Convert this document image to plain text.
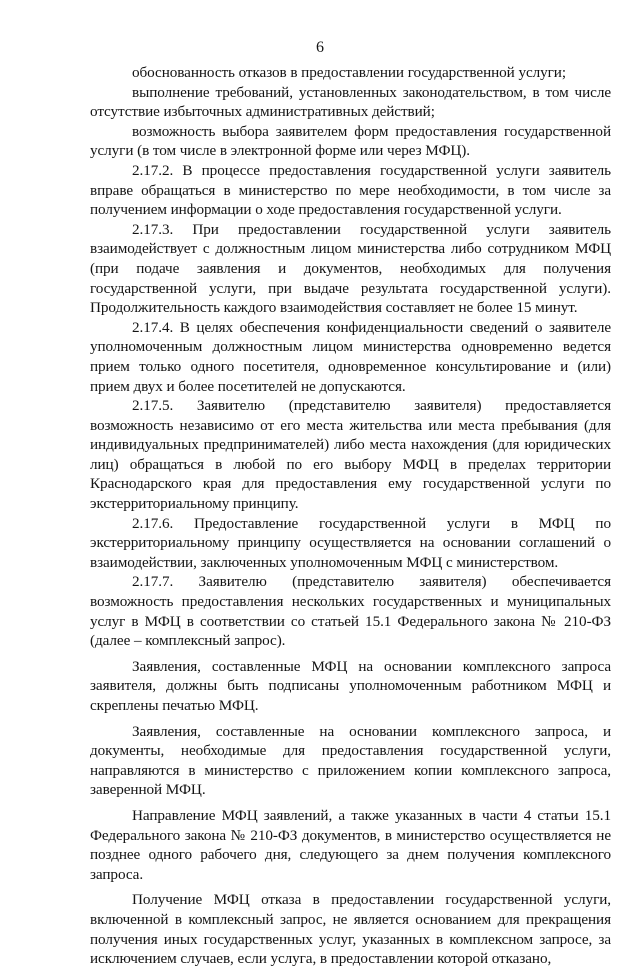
6

обоснованность отказов в предоставлении государственной услуги;

выполнение требований, установленных законодательством, в том числе отсутствие избыточных административных действий;

возможность выбора заявителем форм предоставления государственной услуги (в том числе в электронной форме или через МФЦ).

2.17.2. В процессе предоставления государственной услуги заявитель вправе обращаться в министерство по мере необходимости, в том числе за получением информации о ходе предоставления государственной услуги.

2.17.3. При предоставлении государственной услуги заявитель взаимодействует с должностным лицом министерства либо сотрудником МФЦ (при подаче заявления и документов, необходимых для получения государственной услуги, при выдаче результата государственной услуги). Продолжительность каждого взаимодействия составляет не более 15 минут.

2.17.4. В целях обеспечения конфиденциальности сведений о заявителе уполномоченным должностным лицом министерства одновременно ведется прием только одного посетителя, одновременное консультирование и (или) прием двух и более посетителей не допускаются.

2.17.5. Заявителю (представителю заявителя) предоставляется возможность независимо от его места жительства или места пребывания (для индивидуальных предпринимателей) либо места нахождения (для юридических лиц) обращаться в любой по его выбору МФЦ в пределах территории Краснодарского края для предоставления ему государственной услуги по экстерриториальному принципу.

2.17.6. Предоставление государственной услуги в МФЦ по экстерриториальному принципу осуществляется на основании соглашений о взаимодействии, заключенных уполномоченным МФЦ с министерством.

2.17.7. Заявителю (представителю заявителя) обеспечивается возможность предоставления нескольких государственных и муниципальных услуг в МФЦ в соответствии со статьей 15.1 Федерального закона № 210-ФЗ (далее – комплексный запрос).

Заявления, составленные МФЦ на основании комплексного запроса заявителя, должны быть подписаны уполномоченным работником МФЦ и скреплены печатью МФЦ.

Заявления, составленные на основании комплексного запроса, и документы, необходимые для предоставления государственной услуги, направляются в министерство с приложением копии комплексного запроса, заверенной МФЦ.

Направление МФЦ заявлений, а также указанных в части 4 статьи 15.1 Федерального закона № 210-ФЗ документов, в министерство осуществляется не позднее одного рабочего дня, следующего за днем получения комплексного запроса.

Получение МФЦ отказа в предоставлении государственной услуги, включенной в комплексный запрос, не является основанием для прекращения получения иных государственных услуг, указанных в комплексном запросе, за исключением случаев, если услуга, в предоставлении которой отказано,
